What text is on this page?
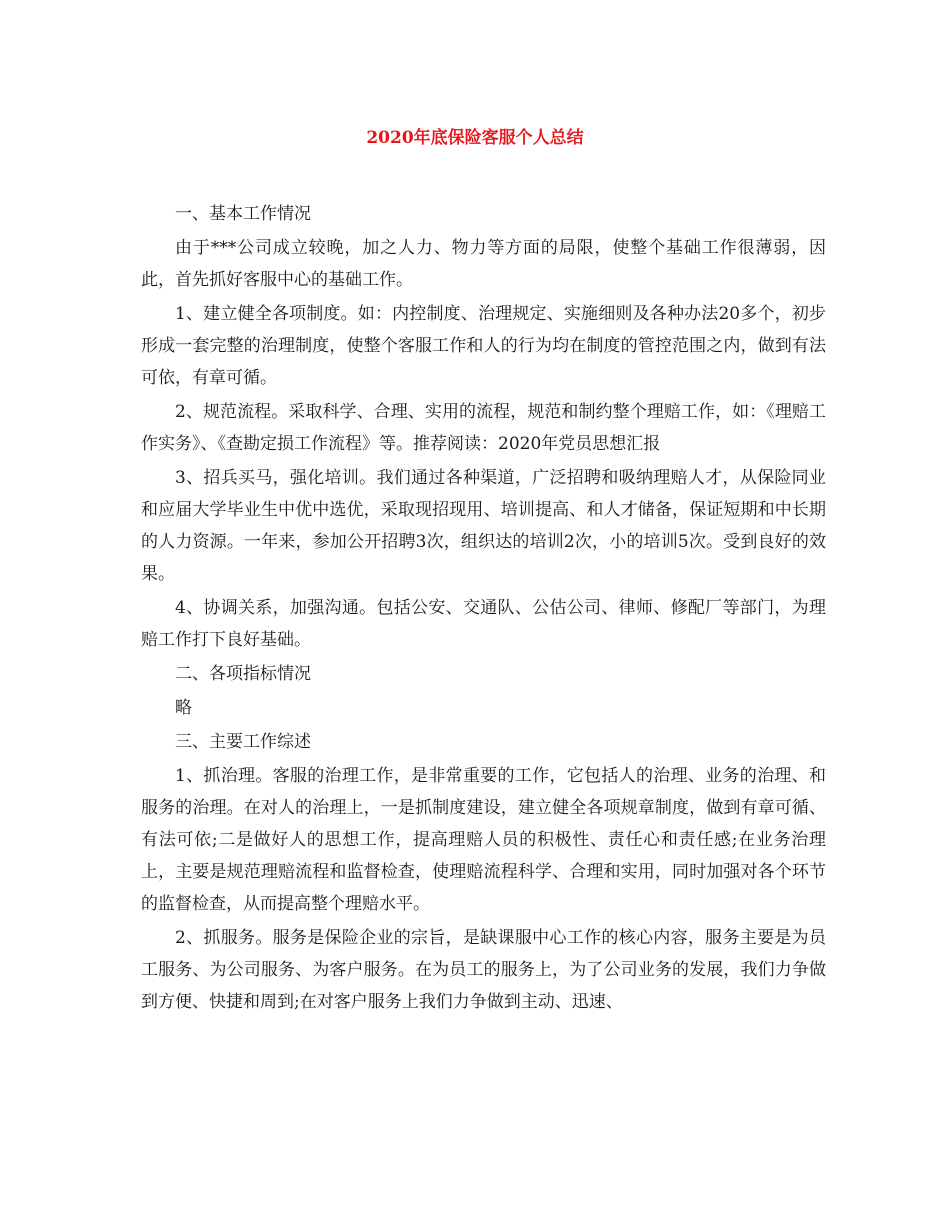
2020年底保险客服个人总结

一、基本工作情况

由于***公司成立较晚，加之人力、物力等方面的局限，使整个基础工作很薄弱，因此，首先抓好客服中心的基础工作。

1、建立健全各项制度。如：内控制度、治理规定、实施细则及各种办法20多个，初步形成一套完整的治理制度，使整个客服工作和人的行为均在制度的管控范围之内，做到有法可依，有章可循。

2、规范流程。采取科学、合理、实用的流程，规范和制约整个理赔工作，如：《理赔工作实务》、《查勘定损工作流程》等。推荐阅读：2020年党员思想汇报

3、招兵买马，强化培训。我们通过各种渠道，广泛招聘和吸纳理赔人才，从保险同业和应届大学毕业生中优中选优，采取现招现用、培训提高、和人才储备，保证短期和中长期的人力资源。一年来，参加公开招聘3次，组织达的培训2次，小的培训5次。受到良好的效果。

4、协调关系，加强沟通。包括公安、交通队、公估公司、律师、修配厂等部门，为理赔工作打下良好基础。

二、各项指标情况

略

三、主要工作综述

1、抓治理。客服的治理工作，是非常重要的工作，它包括人的治理、业务的治理、和服务的治理。在对人的治理上，一是抓制度建设，建立健全各项规章制度，做到有章可循、有法可依;二是做好人的思想工作，提高理赔人员的积极性、责任心和责任感;在业务治理上，主要是规范理赔流程和监督检查，使理赔流程科学、合理和实用，同时加强对各个环节的监督检查，从而提高整个理赔水平。

2、抓服务。服务是保险企业的宗旨，是缺课服中心工作的核心内容，服务主要是为员工服务、为公司服务、为客户服务。在为员工的服务上，为了公司业务的发展，我们力争做到方便、快捷和周到;在对客户服务上我们力争做到主动、迅速、
